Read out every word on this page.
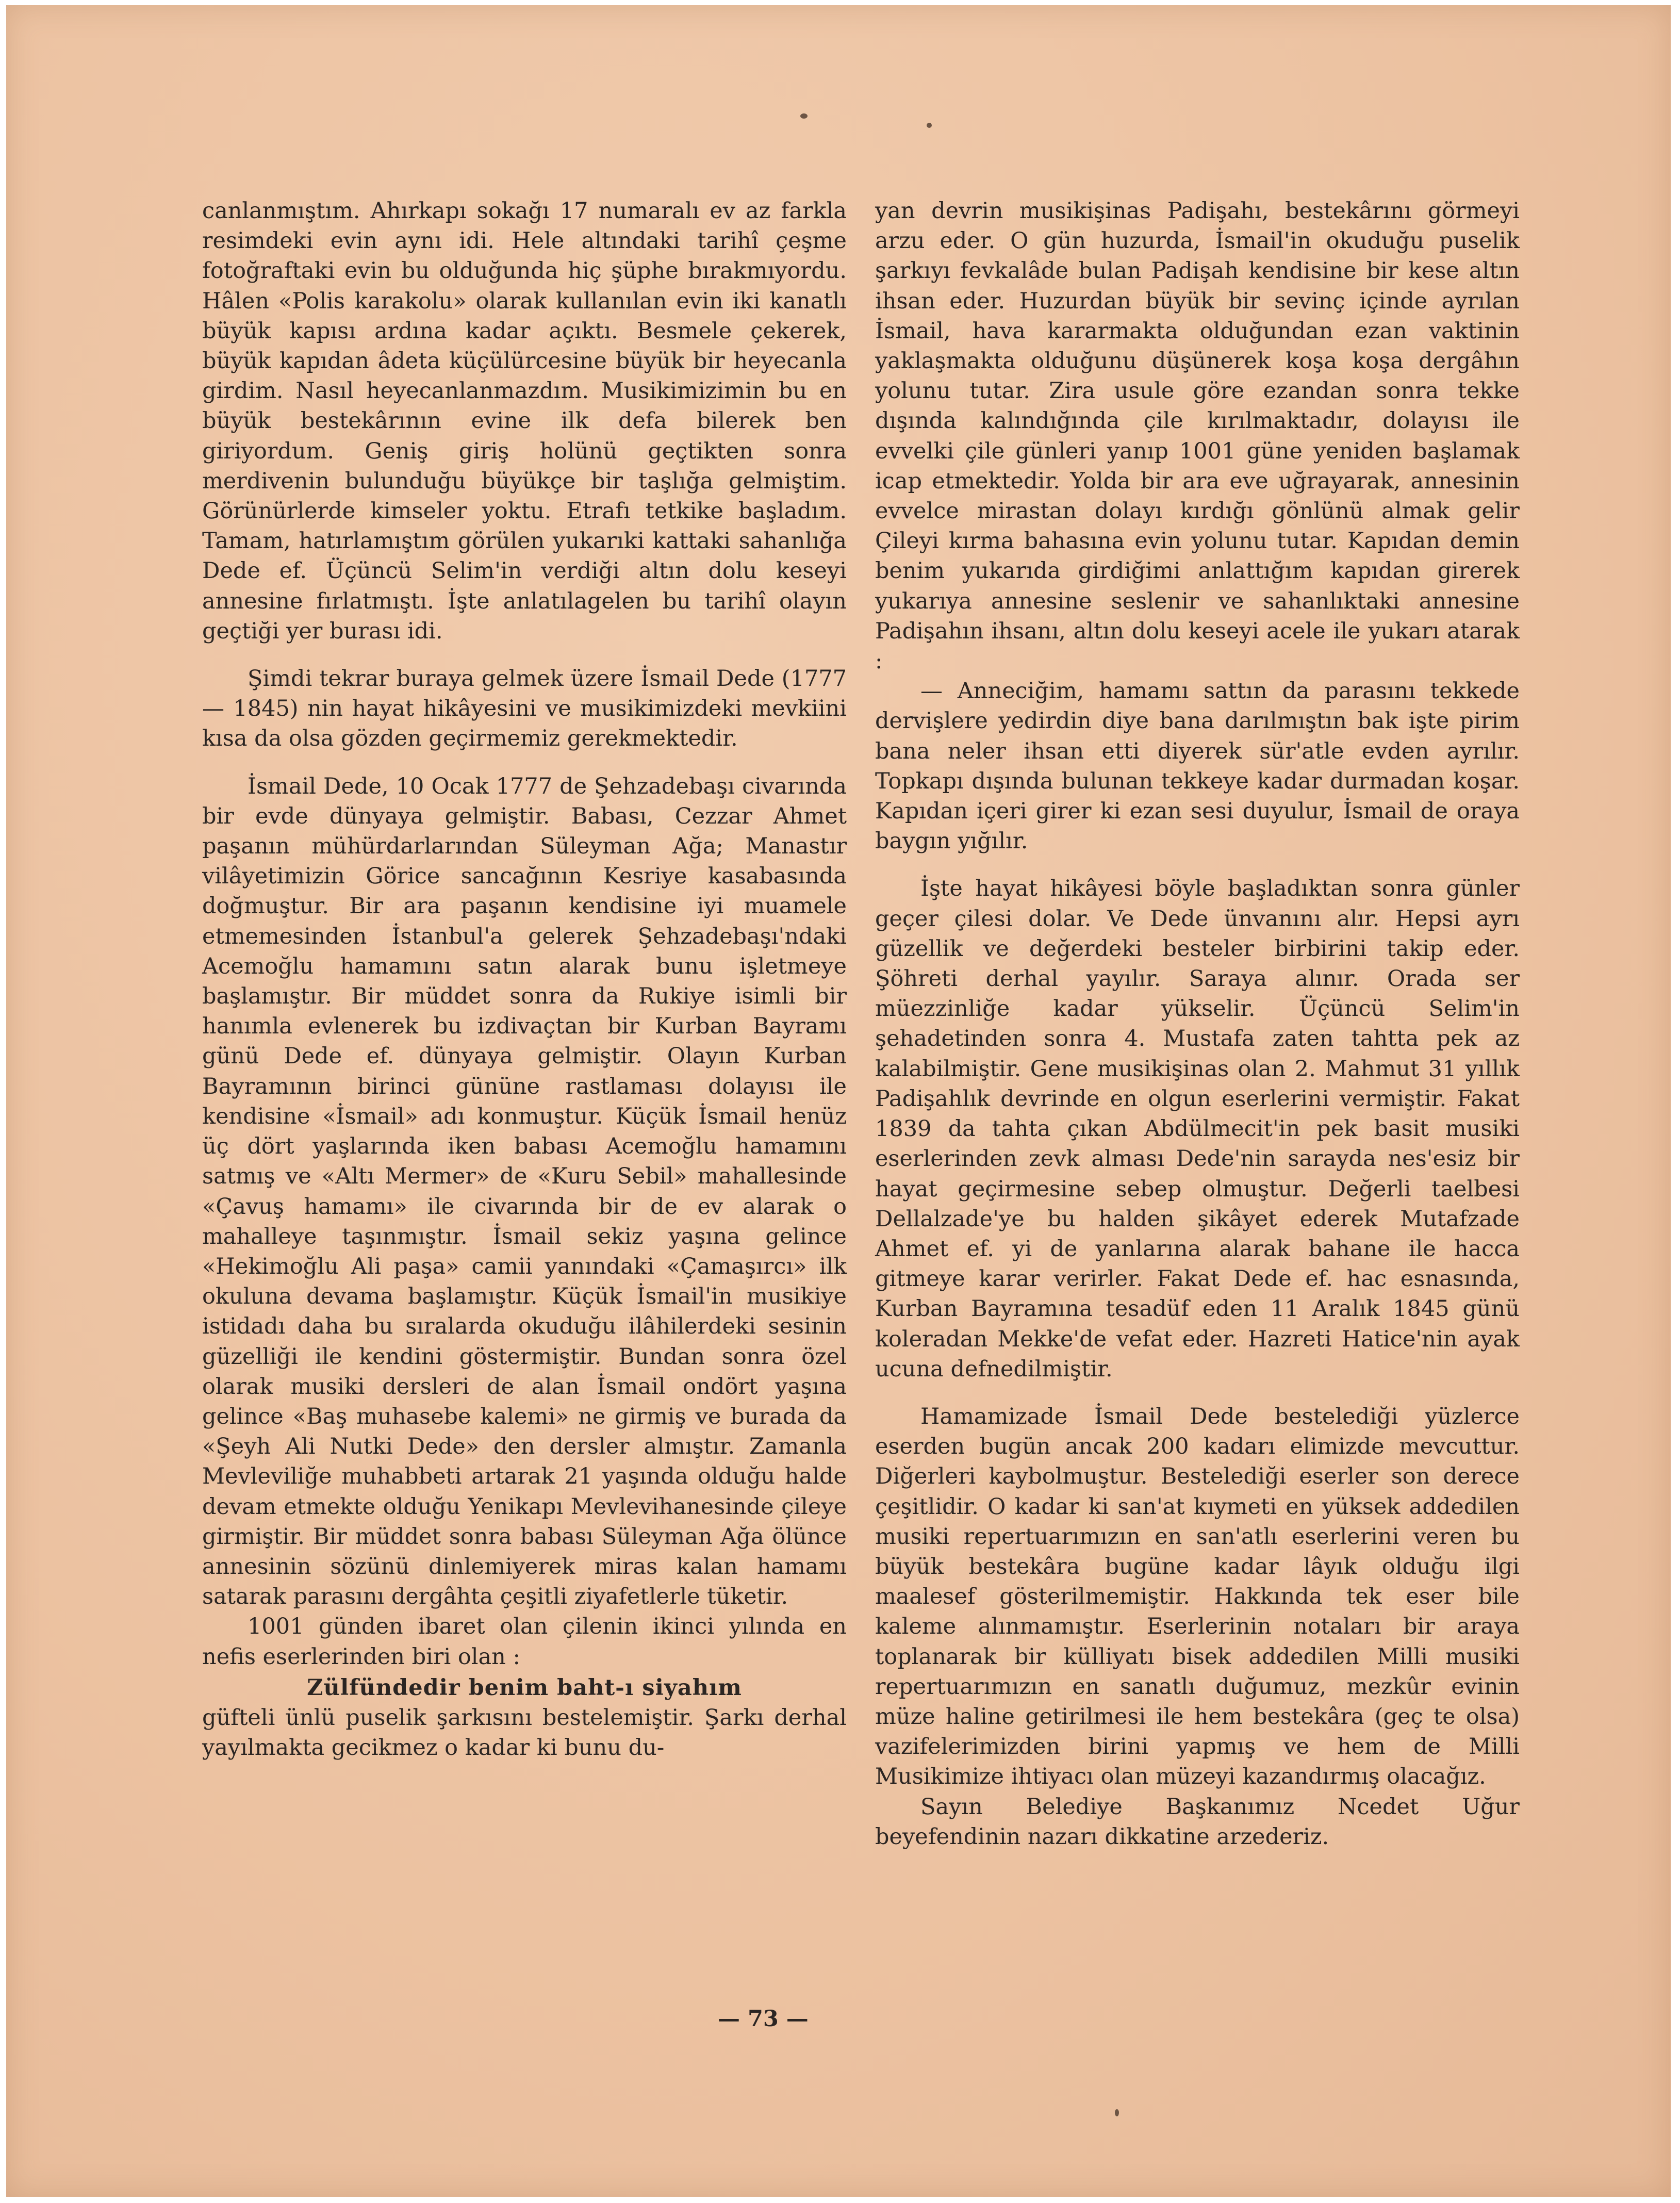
canlanmıştım. Ahırkapı sokağı 17 numaralı ev az farkla resimdeki evin aynı idi. Hele altındaki tarihî çeşme fotoğraftaki evin bu olduğunda hiç şüphe bırakmıyordu. Hâlen «Polis karakolu» olarak kullanılan evin iki kanatlı büyük kapısı ardına kadar açıktı. Besmele çekerek, büyük kapıdan âdeta küçülürcesine büyük bir heyecanla girdim. Nasıl heyecanlanmazdım. Musikimizimin bu en büyük bestekârının evine ilk defa bilerek ben giriyordum. Geniş giriş holünü geçtikten sonra merdivenin bulunduğu büyükçe bir taşlığa gelmiştim. Görünürlerde kimseler yoktu. Etrafı tetkike başladım. Tamam, hatırlamıştım görülen yukarıki kattaki sahanlığa Dede ef. Üçüncü Selim'in verdiği altın dolu keseyi annesine fırlatmıştı. İşte anlatılagelen bu tarihî olayın geçtiği yer burası idi.

Şimdi tekrar buraya gelmek üzere İsmail Dede (1777 — 1845) nin hayat hikâyesini ve musikimizdeki mevkiini kısa da olsa gözden geçirmemiz gerekmektedir.

İsmail Dede, 10 Ocak 1777 de Şehzadebaşı civarında bir evde dünyaya gelmiştir. Babası, Cezzar Ahmet paşanın mühürdarlarından Süleyman Ağa; Manastır vilâyetimizin Görice sancağının Kesriye kasabasında doğmuştur. Bir ara paşanın kendisine iyi muamele etmemesinden İstanbul'a gelerek Şehzadebaşı'ndaki Acemoğlu hamamını satın alarak bunu işletmeye başlamıştır. Bir müddet sonra da Rukiye isimli bir hanımla evlenerek bu izdivaçtan bir Kurban Bayramı günü Dede ef. dünyaya gelmiştir. Olayın Kurban Bayramının birinci gününe rastlaması dolayısı ile kendisine «İsmail» adı konmuştur. Küçük İsmail henüz üç dört yaşlarında iken babası Acemoğlu hamamını satmış ve «Altı Mermer» de «Kuru Sebil» mahallesinde «Çavuş hamamı» ile civarında bir de ev alarak o mahalleye taşınmıştır. İsmail sekiz yaşına gelince «Hekimoğlu Ali paşa» camii yanındaki «Çamaşırcı» ilk okuluna devama başlamıştır. Küçük İsmail'in musikiye istidadı daha bu sıralarda okuduğu ilâhilerdeki sesinin güzelliği ile kendini göstermiştir. Bundan sonra özel olarak musiki dersleri de alan İsmail ondört yaşına gelince «Baş muhasebe kalemi» ne girmiş ve burada da «Şeyh Ali Nutki Dede» den dersler almıştır. Zamanla Mevleviliğe muhabbeti artarak 21 yaşında olduğu halde devam etmekte olduğu Yenikapı Mevlevihanesinde çileye girmiştir. Bir müddet sonra babası Süleyman Ağa ölünce annesinin sözünü dinlemiyerek miras kalan hamamı satarak parasını dergâhta çeşitli ziyafetlerle tüketir.

1001 günden ibaret olan çilenin ikinci yılında en nefis eserlerinden biri olan :

Zülfündedir benim baht-ı siyahım

güfteli ünlü puselik şarkısını bestelemiştir. Şarkı derhal yayılmakta gecikmez o kadar ki bunu du-

yan devrin musikişinas Padişahı, bestekârını görmeyi arzu eder. O gün huzurda, İsmail'in okuduğu puselik şarkıyı fevkalâde bulan Padişah kendisine bir kese altın ihsan eder. Huzurdan büyük bir sevinç içinde ayrılan İsmail, hava kararmakta olduğundan ezan vaktinin yaklaşmakta olduğunu düşünerek koşa koşa dergâhın yolunu tutar. Zira usule göre ezandan sonra tekke dışında kalındığında çile kırılmaktadır, dolayısı ile evvelki çile günleri yanıp 1001 güne yeniden başlamak icap etmektedir. Yolda bir ara eve uğrayarak, annesinin evvelce mirastan dolayı kırdığı gönlünü almak gelir Çileyi kırma bahasına evin yolunu tutar. Kapıdan demin benim yukarıda girdiğimi anlattığım kapıdan girerek yukarıya annesine seslenir ve sahanlıktaki annesine Padişahın ihsanı, altın dolu keseyi acele ile yukarı atarak :

— Anneciğim, hamamı sattın da parasını tekkede dervişlere yedirdin diye bana darılmıştın bak işte pirim bana neler ihsan etti diyerek sür'atle evden ayrılır. Topkapı dışında bulunan tekkeye kadar durmadan koşar. Kapıdan içeri girer ki ezan sesi duyulur, İsmail de oraya baygın yığılır.

İşte hayat hikâyesi böyle başladıktan sonra günler geçer çilesi dolar. Ve Dede ünvanını alır. Hepsi ayrı güzellik ve değerdeki besteler birbirini takip eder. Şöhreti derhal yayılır. Saraya alınır. Orada ser müezzinliğe kadar yükselir. Üçüncü Selim'in şehadetinden sonra 4. Mustafa zaten tahtta pek az kalabilmiştir. Gene musikişinas olan 2. Mahmut 31 yıllık Padişahlık devrinde en olgun eserlerini vermiştir. Fakat 1839 da tahta çıkan Abdülmecit'in pek basit musiki eserlerinden zevk alması Dede'nin sarayda nes'esiz bir hayat geçirmesine sebep olmuştur. Değerli taelbesi Dellalzade'ye bu halden şikâyet ederek Mutafzade Ahmet ef. yi de yanlarına alarak bahane ile hacca gitmeye karar verirler. Fakat Dede ef. hac esnasında, Kurban Bayramına tesadüf eden 11 Aralık 1845 günü koleradan Mekke'de vefat eder. Hazreti Hatice'nin ayak ucuna defnedilmiştir.

Hamamizade İsmail Dede bestelediği yüzlerce eserden bugün ancak 200 kadarı elimizde mevcuttur. Diğerleri kaybolmuştur. Bestelediği eserler son derece çeşitlidir. O kadar ki san'at kıymeti en yüksek addedilen musiki repertuarımızın en san'atlı eserlerini veren bu büyük bestekâra bugüne kadar lâyık olduğu ilgi maalesef gösterilmemiştir. Hakkında tek eser bile kaleme alınmamıştır. Eserlerinin notaları bir araya toplanarak bir külliyatı bisek addedilen Milli musiki repertuarımızın en sanatlı duğumuz, mezkûr evinin müze haline getirilmesi ile hem bestekâra (geç te olsa) vazifelerimizden birini yapmış ve hem de Milli Musikimize ihtiyacı olan müzeyi kazandırmış olacağız.

Sayın Belediye Başkanımız Ncedet Uğur beyefendinin nazarı dikkatine arzederiz.

— 73 —
